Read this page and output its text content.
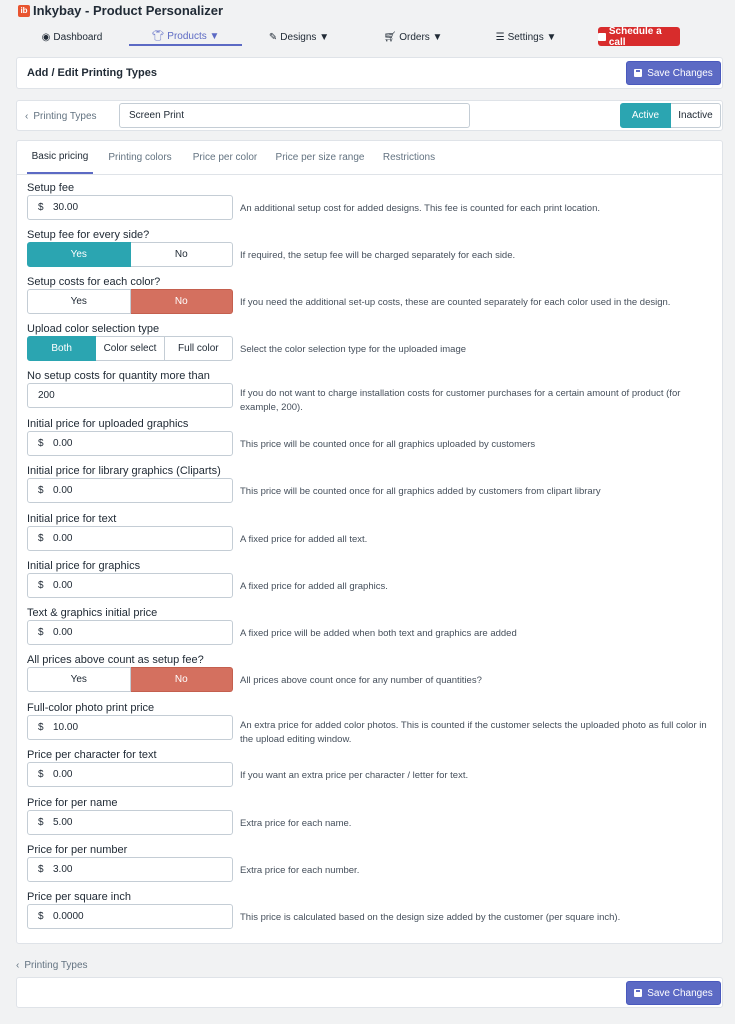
ib Inkybay - Product Personalizer
◉ Dashboard	👕︎ Products ▼	✎ Designs ▼	🛒︎ Orders ▼	☰ Settings ▼
Schedule a call
Add / Edit Printing Types	Save Changes
‹ Printing Types
Screen Print	Active	Inactive
Basic pricing	Printing colors	Price per color Price per size range	Restrictions
Setup fee
$ 30.00	An additional setup cost for added designs. This fee is counted for each print location.
Setup fee for every side?
Yes	No	If required, the setup fee will be charged separately for each side.
Setup costs for each color?
Yes	No	If you need the additional set-up costs, these are counted separately for each color used in the design.
Upload color selection type
Both	Color select	Full color	Select the color selection type for the uploaded image
No setup costs for quantity more than
200	If you do not want to charge installation costs for customer purchases for a certain amount of product (for example, 200).
Initial price for uploaded graphics
$ 0.00	This price will be counted once for all graphics uploaded by customers
Initial price for library graphics (Cliparts)
$ 0.00	This price will be counted once for all graphics added by customers from clipart library
Initial price for text
$ 0.00	A fixed price for added all text.
Initial price for graphics
$ 0.00	A fixed price for added all graphics.
Text & graphics initial price
$ 0.00	A fixed price will be added when both text and graphics are added
All prices above count as setup fee?
Yes	No	All prices above count once for any number of quantities?
Full-color photo print price
$ 10.00	An extra price for added color photos. This is counted if the customer selects the uploaded photo as full color in the upload editing window.
Price per character for text
$ 0.00	If you want an extra price per character / letter for text.
Price for per name
$ 5.00	Extra price for each name.
Price for per number
$ 3.00	Extra price for each number.
Price per square inch
$ 0.0000	This price is calculated based on the design size added by the customer (per square inch).
‹ Printing Types
Save Changes
